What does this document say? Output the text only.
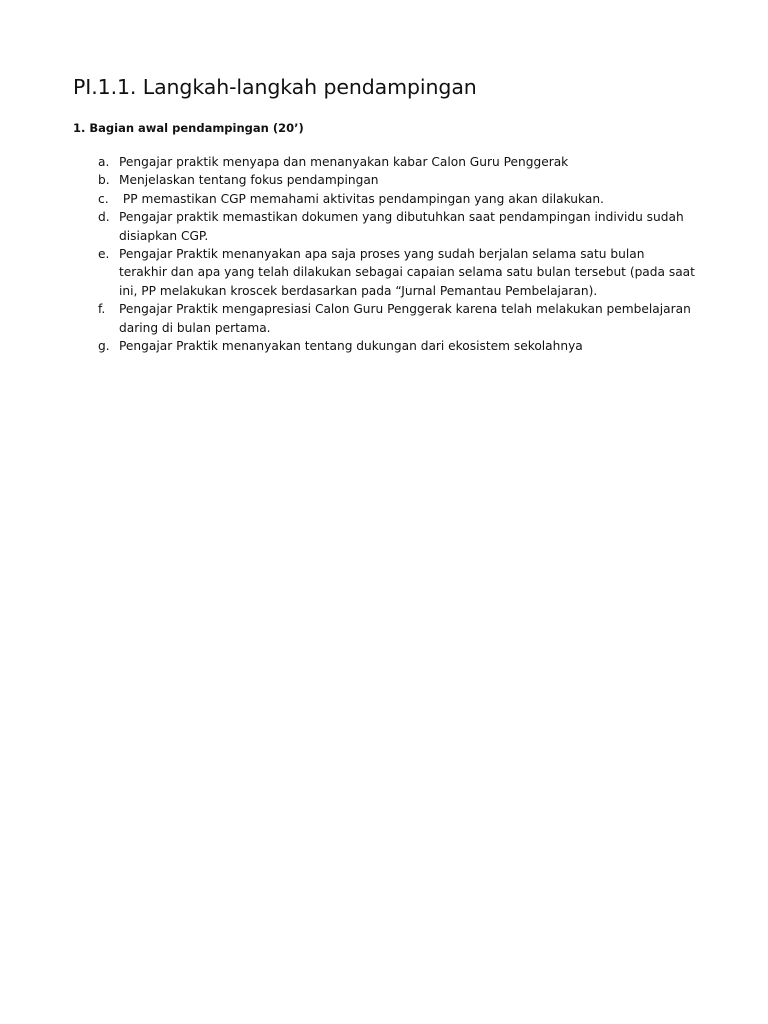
PI.1.1. Langkah-langkah pendampingan
1. Bagian awal pendampingan (20’)
a. Pengajar praktik menyapa dan menanyakan kabar Calon Guru Penggerak
b. Menjelaskan tentang fokus pendampingan
c. PP memastikan CGP memahami aktivitas pendampingan yang akan dilakukan.
d. Pengajar praktik memastikan dokumen yang dibutuhkan saat pendampingan individu sudah disiapkan CGP.
e. Pengajar Praktik menanyakan apa saja proses yang sudah berjalan selama satu bulan terakhir dan apa yang telah dilakukan sebagai capaian selama satu bulan tersebut (pada saat ini, PP melakukan kroscek berdasarkan pada “Jurnal Pemantau Pembelajaran).
f.	Pengajar Praktik mengapresiasi Calon Guru Penggerak karena telah melakukan pembelajaran daring di bulan pertama.
g. Pengajar Praktik menanyakan tentang dukungan dari ekosistem sekolahnya
